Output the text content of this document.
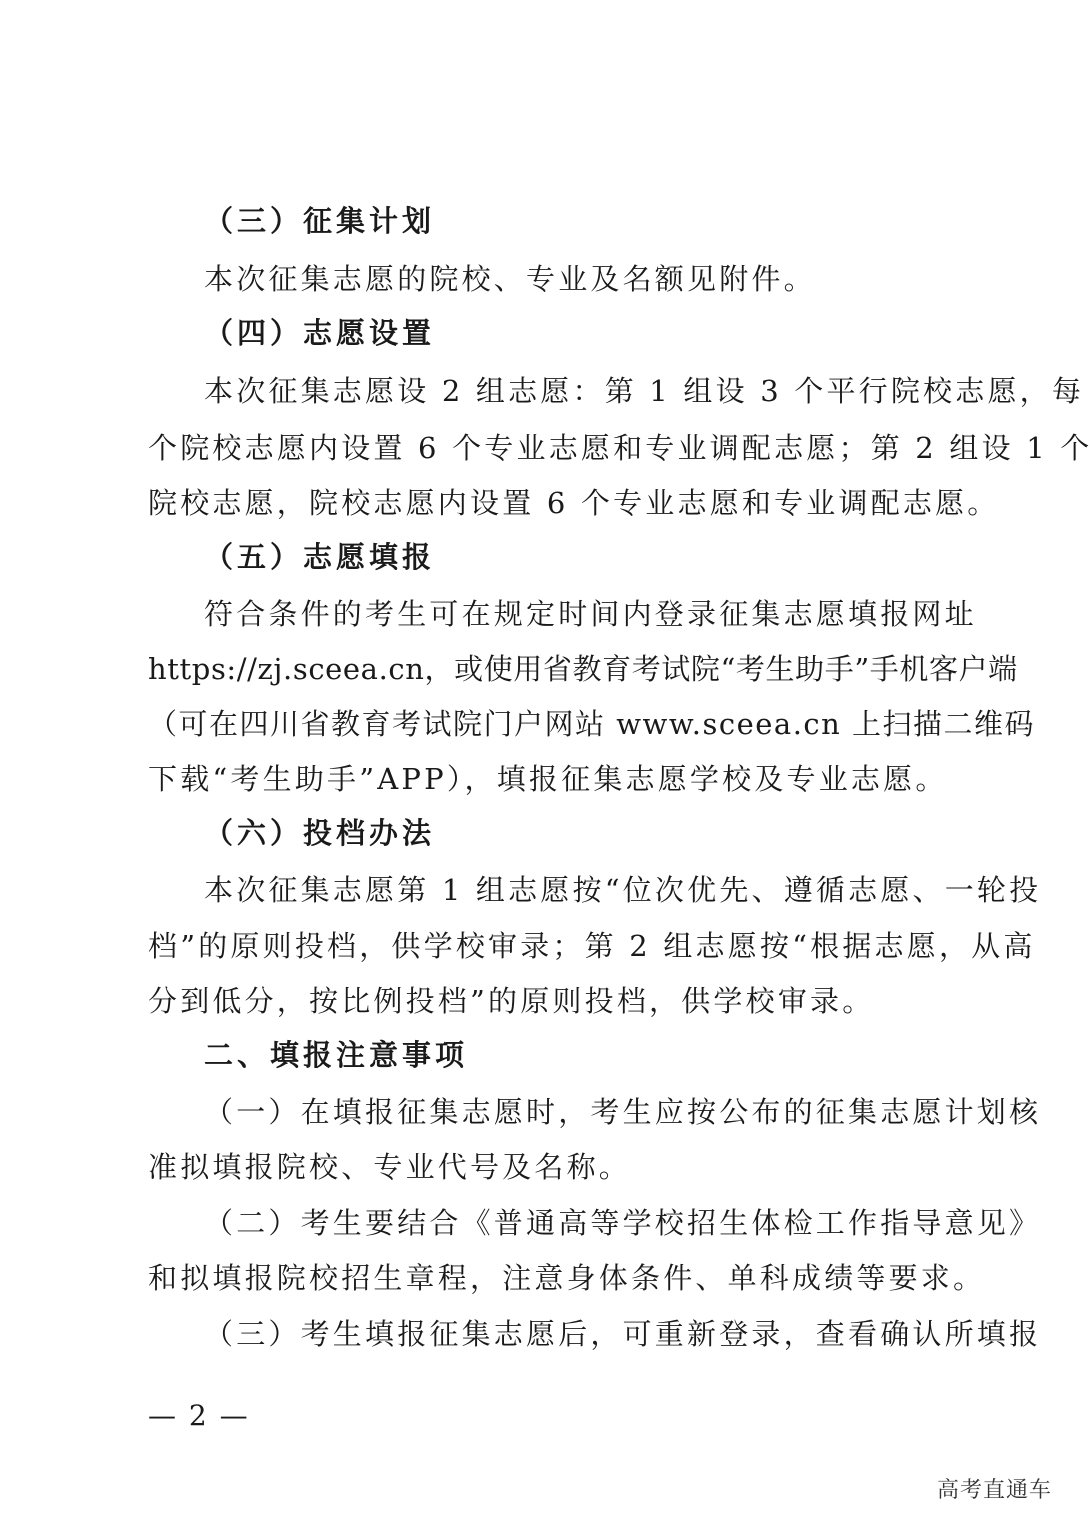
（三）征集计划
本次征集志愿的院校、专业及名额见附件。
（四）志愿设置
本次征集志愿设 2 组志愿：第 1 组设 3 个平行院校志愿，每
个院校志愿内设置 6 个专业志愿和专业调配志愿；第 2 组设 1 个
院校志愿，院校志愿内设置 6 个专业志愿和专业调配志愿。
（五）志愿填报
符合条件的考生可在规定时间内登录征集志愿填报网址
https://zj.sceea.cn，或使用省教育考试院“考生助手”手机客户端
（可在四川省教育考试院门户网站 www.sceea.cn 上扫描二维码
下载“考生助手”APP），填报征集志愿学校及专业志愿。
（六）投档办法
本次征集志愿第 1 组志愿按“位次优先、遵循志愿、一轮投
档”的原则投档，供学校审录；第 2 组志愿按“根据志愿，从高
分到低分，按比例投档”的原则投档，供学校审录。
二、填报注意事项
（一）在填报征集志愿时，考生应按公布的征集志愿计划核
准拟填报院校、专业代号及名称。
（二）考生要结合《普通高等学校招生体检工作指导意见》
和拟填报院校招生章程，注意身体条件、单科成绩等要求。
（三）考生填报征集志愿后，可重新登录，查看确认所填报
— 2 —
高考直通车
